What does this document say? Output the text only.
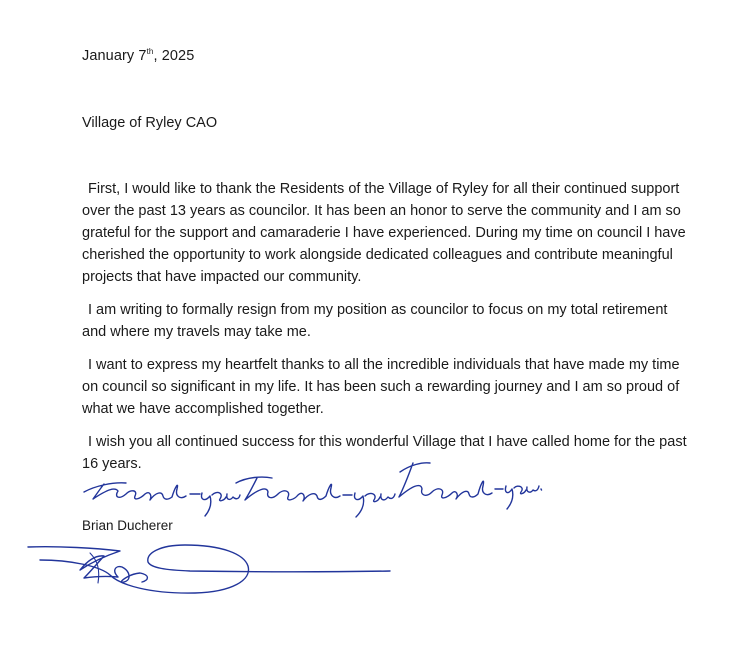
January 7th, 2025
Village of Ryley CAO

First, I would like to thank the Residents of the Village of Ryley for all their continued support over the past 13 years as councilor. It has been an honor to serve the community and I am so grateful for the support and camaraderie I have experienced. During my time on council I have cherished the opportunity to work alongside dedicated colleagues and contribute meaningful projects that have impacted our community.

I am writing to formally resign from my position as councilor to focus on my total retirement and where my travels may take me.

I want to express my heartfelt thanks to all the incredible individuals that have made my time on council so significant in my life. It has been such a rewarding journey and I am so proud of what we have accomplished together.

I wish you all continued success for this wonderful Village that I have called home for the past 16 years.

Brian Ducherer
